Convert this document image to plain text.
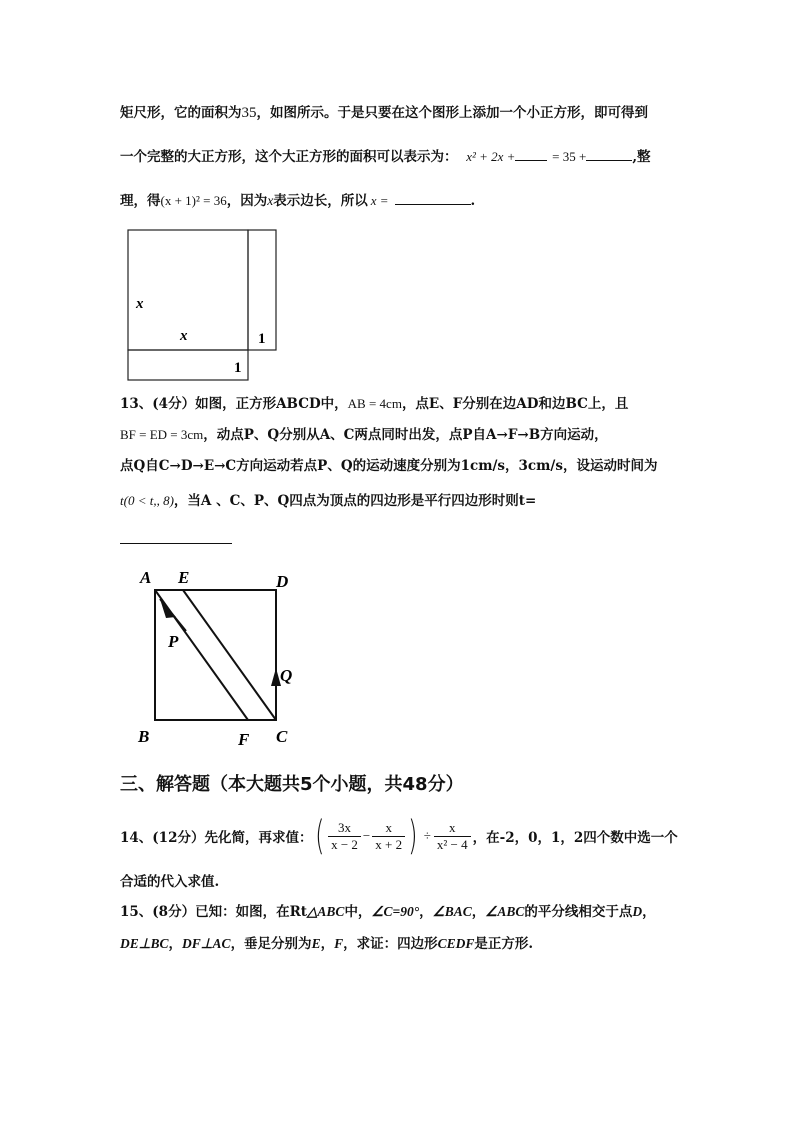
矩尺形，它的面积为35，如图所示。于是只要在这个图形上添加一个小正方形，即可得到
一个完整的大正方形，这个大正方形的面积可以表示为： x² + 2x +	= 35 +	,整
理，得(x + 1)² = 36，因为x表示边长，所以 x =	.
x
x	1
1
13、(4分）如图，正方形ABCD中，AB = 4cm，点E、F分别在边AD和边BC上，且
BF = ED = 3cm，动点P、Q分别从A、C两点同时出发，点P自A→F→B方向运动，
点Q自C→D→E→C方向运动若点P、Q的运动速度分别为1cm/s，3cm/s，设运动时间为
t(0 < t,, 8)，当A 、C、P、Q四点为顶点的四边形是平行四边形时则t=
A E	D
P
Q
B	F C
三、解答题（本大题共5个小题，共48分）
14、(12分）先化简，再求值： ( $\frac{3x}{x - 2} - \frac{x}{x + 2}$ ) ÷ $\frac{x}{\text{x² − 4}}$ ，在-2，0，1，2四个数中选一个
合适的代入求值.
15、(8分）已知：如图，在Rt△ABC中，∠C=90°，∠BAC，∠ABC的平分线相交于点D，
DE⊥BC，DF⊥AC，垂足分别为E，F，求证：四边形CEDF是正方形.
